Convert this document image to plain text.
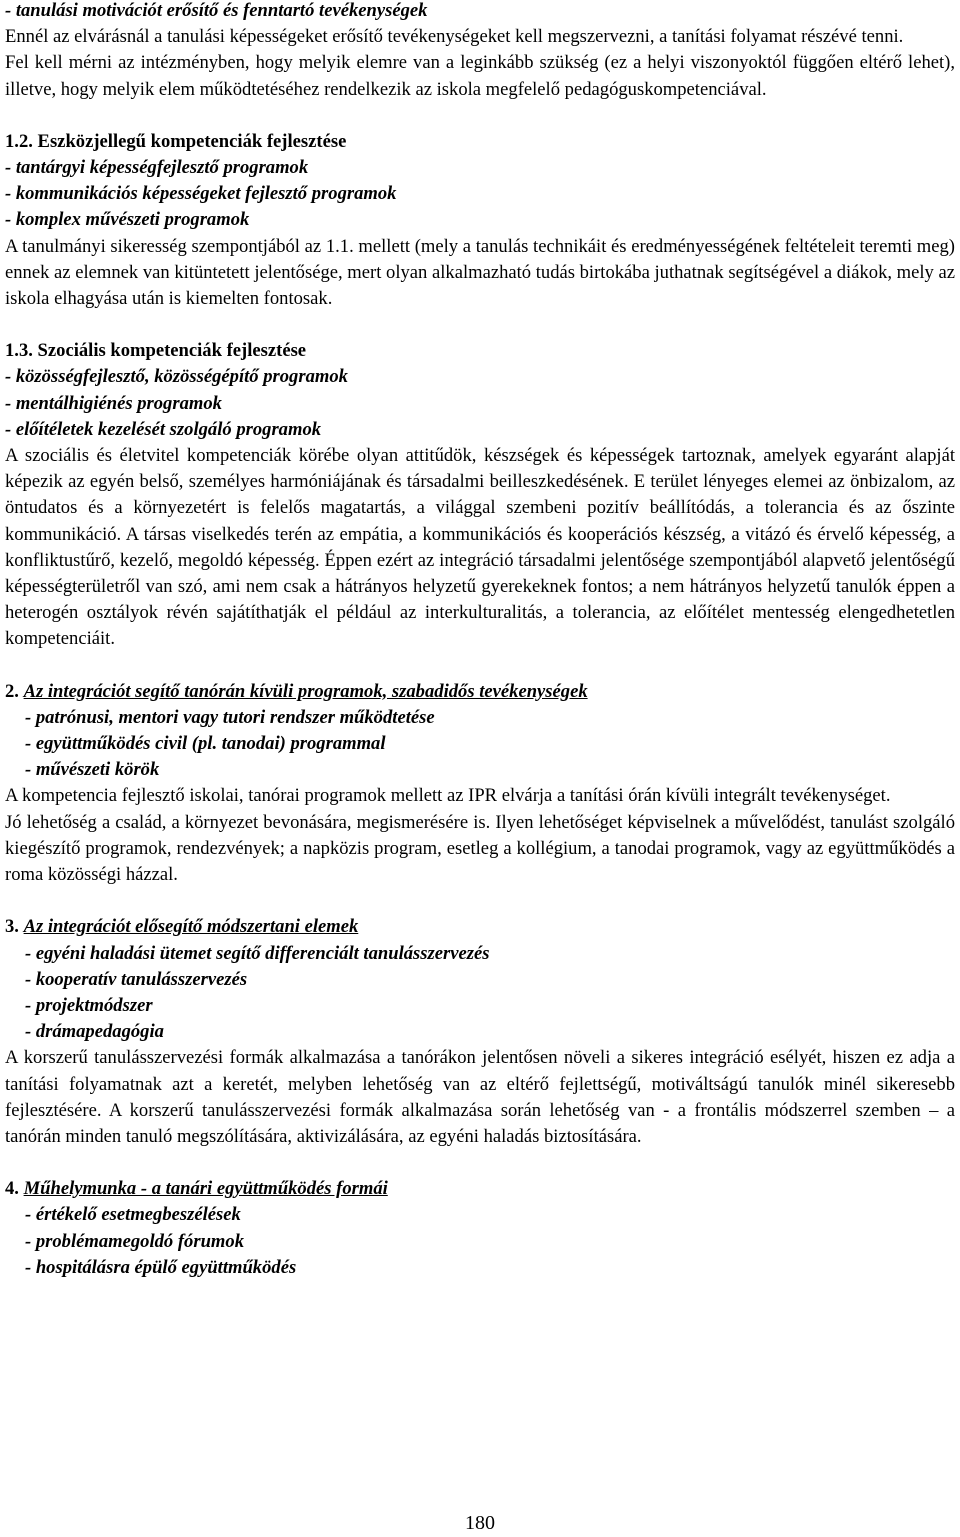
- tanulási motivációt erősítő és fenntartó tevékenységek

Ennél az elvárásnál a tanulási képességeket erősítő tevékenységeket kell megszervezni, a tanítási folyamat részévé tenni.

Fel kell mérni az intézményben, hogy melyik elemre van a leginkább szükség (ez a helyi viszonyoktól függően eltérő lehet), illetve, hogy melyik elem működtetéséhez rendelkezik az iskola megfelelő pedagóguskompetenciával.

1.2. Eszközjellegű kompetenciák fejlesztése

- tantárgyi képességfejlesztő programok

- kommunikációs képességeket fejlesztő programok

- komplex művészeti programok

A tanulmányi sikeresség szempontjából az 1.1. mellett (mely a tanulás technikáit és eredményességének feltételeit teremti meg) ennek az elemnek van kitüntetett jelentősége, mert olyan alkalmazható tudás birtokába juthatnak segítségével a diákok, mely az iskola elhagyása után is kiemelten fontosak.

1.3. Szociális kompetenciák fejlesztése

- közösségfejlesztő, közösségépítő programok

- mentálhigiénés programok

- előítéletek kezelését szolgáló programok

A szociális és életvitel kompetenciák körébe olyan attitűdök, készségek és képességek tartoznak, amelyek egyaránt alapját képezik az egyén belső, személyes harmóniájának és társadalmi beilleszkedésének. E terület lényeges elemei az önbizalom, az öntudatos és a környezetért is felelős magatartás, a világgal szembeni pozitív beállítódás, a tolerancia és az őszinte kommunikáció. A társas viselkedés terén az empátia, a kommunikációs és kooperációs készség, a vitázó és érvelő képesség, a konfliktustűrő, kezelő, megoldó képesség. Éppen ezért az integráció társadalmi jelentősége szempontjából alapvető jelentőségű képességterületről van szó, ami nem csak a hátrányos helyzetű gyerekeknek fontos; a nem hátrányos helyzetű tanulók éppen a heterogén osztályok révén sajátíthatják el például az interkulturalitás, a tolerancia, az előítélet mentesség elengedhetetlen kompetenciáit.

2. Az integrációt segítő tanórán kívüli programok, szabadidős tevékenységek

- patrónusi, mentori vagy tutori rendszer működtetése

- együttműködés civil (pl. tanodai) programmal

- művészeti körök

A kompetencia fejlesztő iskolai, tanórai programok mellett az IPR elvárja a tanítási órán kívüli integrált tevékenységet.

Jó lehetőség a család, a környezet bevonására, megismerésére is. Ilyen lehetőséget képviselnek a művelődést, tanulást szolgáló kiegészítő programok, rendezvények; a napközis program, esetleg a kollégium, a tanodai programok, vagy az együttműködés a roma közösségi házzal.

3. Az integrációt elősegítő módszertani elemek

- egyéni haladási ütemet segítő differenciált tanulásszervezés

- kooperatív tanulásszervezés

- projektmódszer

- drámapedagógia

A korszerű tanulásszervezési formák alkalmazása a tanórákon jelentősen növeli a sikeres integráció esélyét, hiszen ez adja a tanítási folyamatnak azt a keretét, melyben lehetőség van az eltérő fejlettségű, motiváltságú tanulók minél sikeresebb fejlesztésére. A korszerű tanulásszervezési formák alkalmazása során lehetőség van - a frontális módszerrel szemben – a tanórán minden tanuló megszólítására, aktivizálására, az egyéni haladás biztosítására.

4. Műhelymunka - a tanári együttműködés formái

- értékelő esetmegbeszélések

- problémamegoldó fórumok

- hospitálásra épülő együttműködés

180
